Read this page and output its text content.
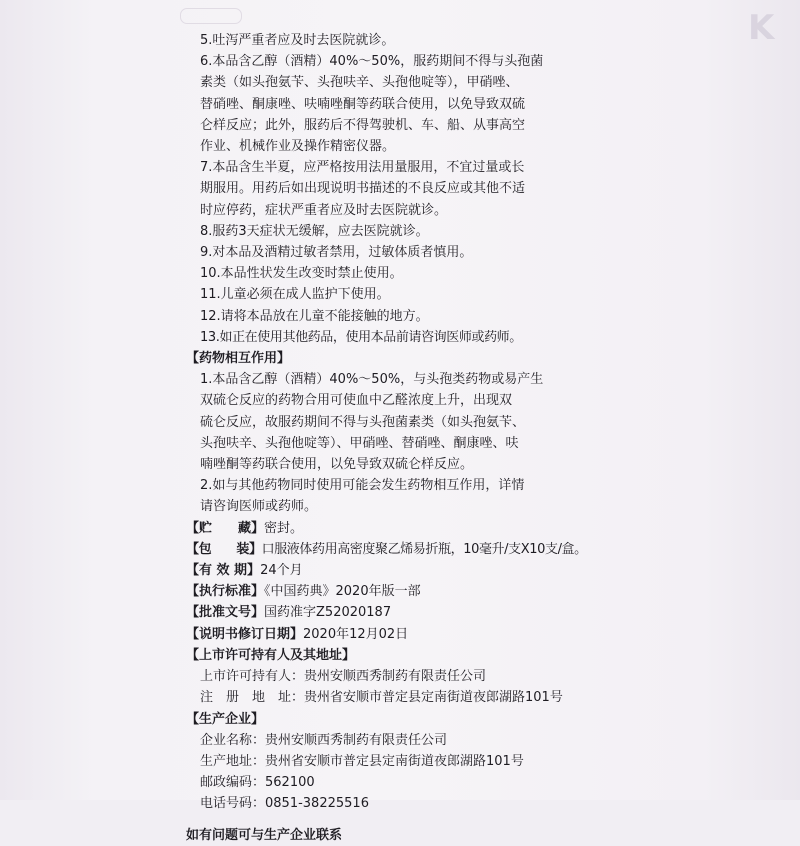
K
5.吐泻严重者应及时去医院就诊。
6.本品含乙醇（酒精）40%～50%，服药期间不得与头孢菌
素类（如头孢氨苄、头孢呋辛、头孢他啶等），甲硝唑、
替硝唑、酮康唑、呋喃唑酮等药联合使用，以免导致双硫
仑样反应；此外，服药后不得驾驶机、车、船、从事高空
作业、机械作业及操作精密仪器。
7.本品含生半夏，应严格按用法用量服用，不宜过量或长
期服用。用药后如出现说明书描述的不良反应或其他不适
时应停药，症状严重者应及时去医院就诊。
8.服药3天症状无缓解，应去医院就诊。
9.对本品及酒精过敏者禁用，过敏体质者慎用。
10.本品性状发生改变时禁止使用。
11.儿童必须在成人监护下使用。
12.请将本品放在儿童不能接触的地方。
13.如正在使用其他药品，使用本品前请咨询医师或药师。
【药物相互作用】
1.本品含乙醇（酒精）40%～50%，与头孢类药物或易产生
双硫仑反应的药物合用可使血中乙醛浓度上升，出现双
硫仑反应，故服药期间不得与头孢菌素类（如头孢氨苄、
头孢呋辛、头孢他啶等）、甲硝唑、替硝唑、酮康唑、呋
喃唑酮等药联合使用，以免导致双硫仑样反应。
2.如与其他药物同时使用可能会发生药物相互作用，详情
请咨询医师或药师。
【贮　　藏】密封。
【包　　装】口服液体药用高密度聚乙烯易折瓶，10毫升/支X10支/盒。
【有 效 期】24个月
【执行标准】《中国药典》2020年版一部
【批准文号】国药准字Z52020187
【说明书修订日期】2020年12月02日
【上市许可持有人及其地址】
上市许可持有人：贵州安顺西秀制药有限责任公司
注　册　地　址：贵州省安顺市普定县定南街道夜郎湖路101号
【生产企业】
企业名称：贵州安顺西秀制药有限责任公司
生产地址：贵州省安顺市普定县定南街道夜郎湖路101号
邮政编码：562100
电话号码：0851-38225516
如有问题可与生产企业联系
